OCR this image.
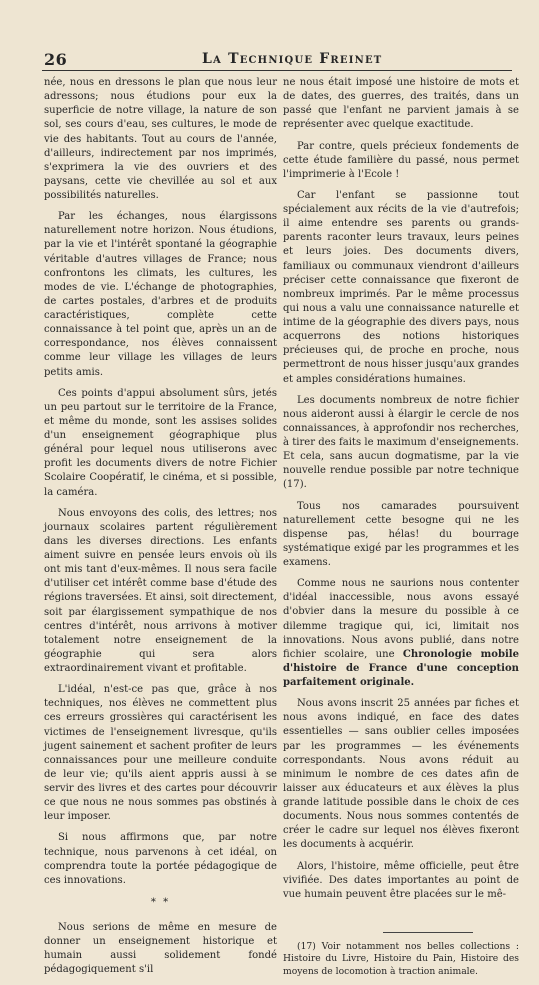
26	La Technique Freinet

née, nous en dressons le plan que nous leur adressons; nous étudions pour eux la superficie de notre village, la nature de son sol, ses cours d'eau, ses cultures, le mode de vie des habitants. Tout au cours de l'année, d'ailleurs, indirectement par nos imprimés, s'exprimera la vie des ouvriers et des paysans, cette vie chevillée au sol et aux possibilités naturelles.

Par les échanges, nous élargissons naturellement notre horizon. Nous étudions, par la vie et l'intérêt spontané la géographie véritable d'autres villages de France; nous confrontons les climats, les cultures, les modes de vie. L'échange de photographies, de cartes postales, d'arbres et de produits caractéristiques, complète cette connaissance à tel point que, après un an de correspondance, nos élèves connaissent comme leur village les villages de leurs petits amis.

Ces points d'appui absolument sûrs, jetés un peu partout sur le territoire de la France, et même du monde, sont les assises solides d'un enseignement géographique plus général pour lequel nous utiliserons avec profit les documents divers de notre Fichier Scolaire Coopératif, le cinéma, et si possible, la caméra.

Nous envoyons des colis, des lettres; nos journaux scolaires partent régulièrement dans les diverses directions. Les enfants aiment suivre en pensée leurs envois où ils ont mis tant d'eux-mêmes. Il nous sera facile d'utiliser cet intérêt comme base d'étude des régions traversées. Et ainsi, soit directement, soit par élargissement sympathique de nos centres d'intérêt, nous arrivons à motiver totalement notre enseignement de la géographie qui sera alors extraordinairement vivant et profitable.

L'idéal, n'est-ce pas que, grâce à nos techniques, nos élèves ne commettent plus ces erreurs grossières qui caractérisent les victimes de l'enseignement livresque, qu'ils jugent sainement et sachent profiter de leurs connaissances pour une meilleure conduite de leur vie; qu'ils aient appris aussi à se servir des livres et des cartes pour découvrir ce que nous ne nous sommes pas obstinés à leur imposer.

Si nous affirmons que, par notre technique, nous parvenons à cet idéal, on comprendra toute la portée pédagogique de ces innovations.

* *

Nous serions de même en mesure de donner un enseignement historique et humain aussi solidement fondé pédagogiquement s'il

ne nous était imposé une histoire de mots et de dates, des guerres, des traités, dans un passé que l'enfant ne parvient jamais à se représenter avec quelque exactitude.

Par contre, quels précieux fondements de cette étude familière du passé, nous permet l'imprimerie à l'Ecole !

Car l'enfant se passionne tout spécialement aux récits de la vie d'autrefois; il aime entendre ses parents ou grands-parents raconter leurs travaux, leurs peines et leurs joies. Des documents divers, familiaux ou communaux viendront d'ailleurs préciser cette connaissance que fixeront de nombreux imprimés. Par le même processus qui nous a valu une connaissance naturelle et intime de la géographie des divers pays, nous acquerrons des notions historiques précieuses qui, de proche en proche, nous permettront de nous hisser jusqu'aux grandes et amples considérations humaines.

Les documents nombreux de notre fichier nous aideront aussi à élargir le cercle de nos connaissances, à approfondir nos recherches, à tirer des faits le maximum d'enseignements. Et cela, sans aucun dogmatisme, par la vie nouvelle rendue possible par notre technique (17).

Tous nos camarades poursuivent naturellement cette besogne qui ne les dispense pas, hélas! du bourrage systématique exigé par les programmes et les examens.

Comme nous ne saurions nous contenter d'idéal inaccessible, nous avons essayé d'obvier dans la mesure du possible à ce dilemme tragique qui, ici, limitait nos innovations. Nous avons publié, dans notre fichier scolaire, une Chronologie mobile d'histoire de France d'une conception parfaitement originale.

Nous avons inscrit 25 années par fiches et nous avons indiqué, en face des dates essentielles — sans oublier celles imposées par les programmes — les événements correspondants. Nous avons réduit au minimum le nombre de ces dates afin de laisser aux éducateurs et aux élèves la plus grande latitude possible dans le choix de ces documents. Nous nous sommes contentés de créer le cadre sur lequel nos élèves fixeront les documents à acquérir.

Alors, l'histoire, même officielle, peut être vivifiée. Des dates importantes au point de vue humain peuvent être placées sur le mê-

(17) Voir notamment nos belles collections : Histoire du Livre, Histoire du Pain, Histoire des moyens de locomotion à traction animale.
